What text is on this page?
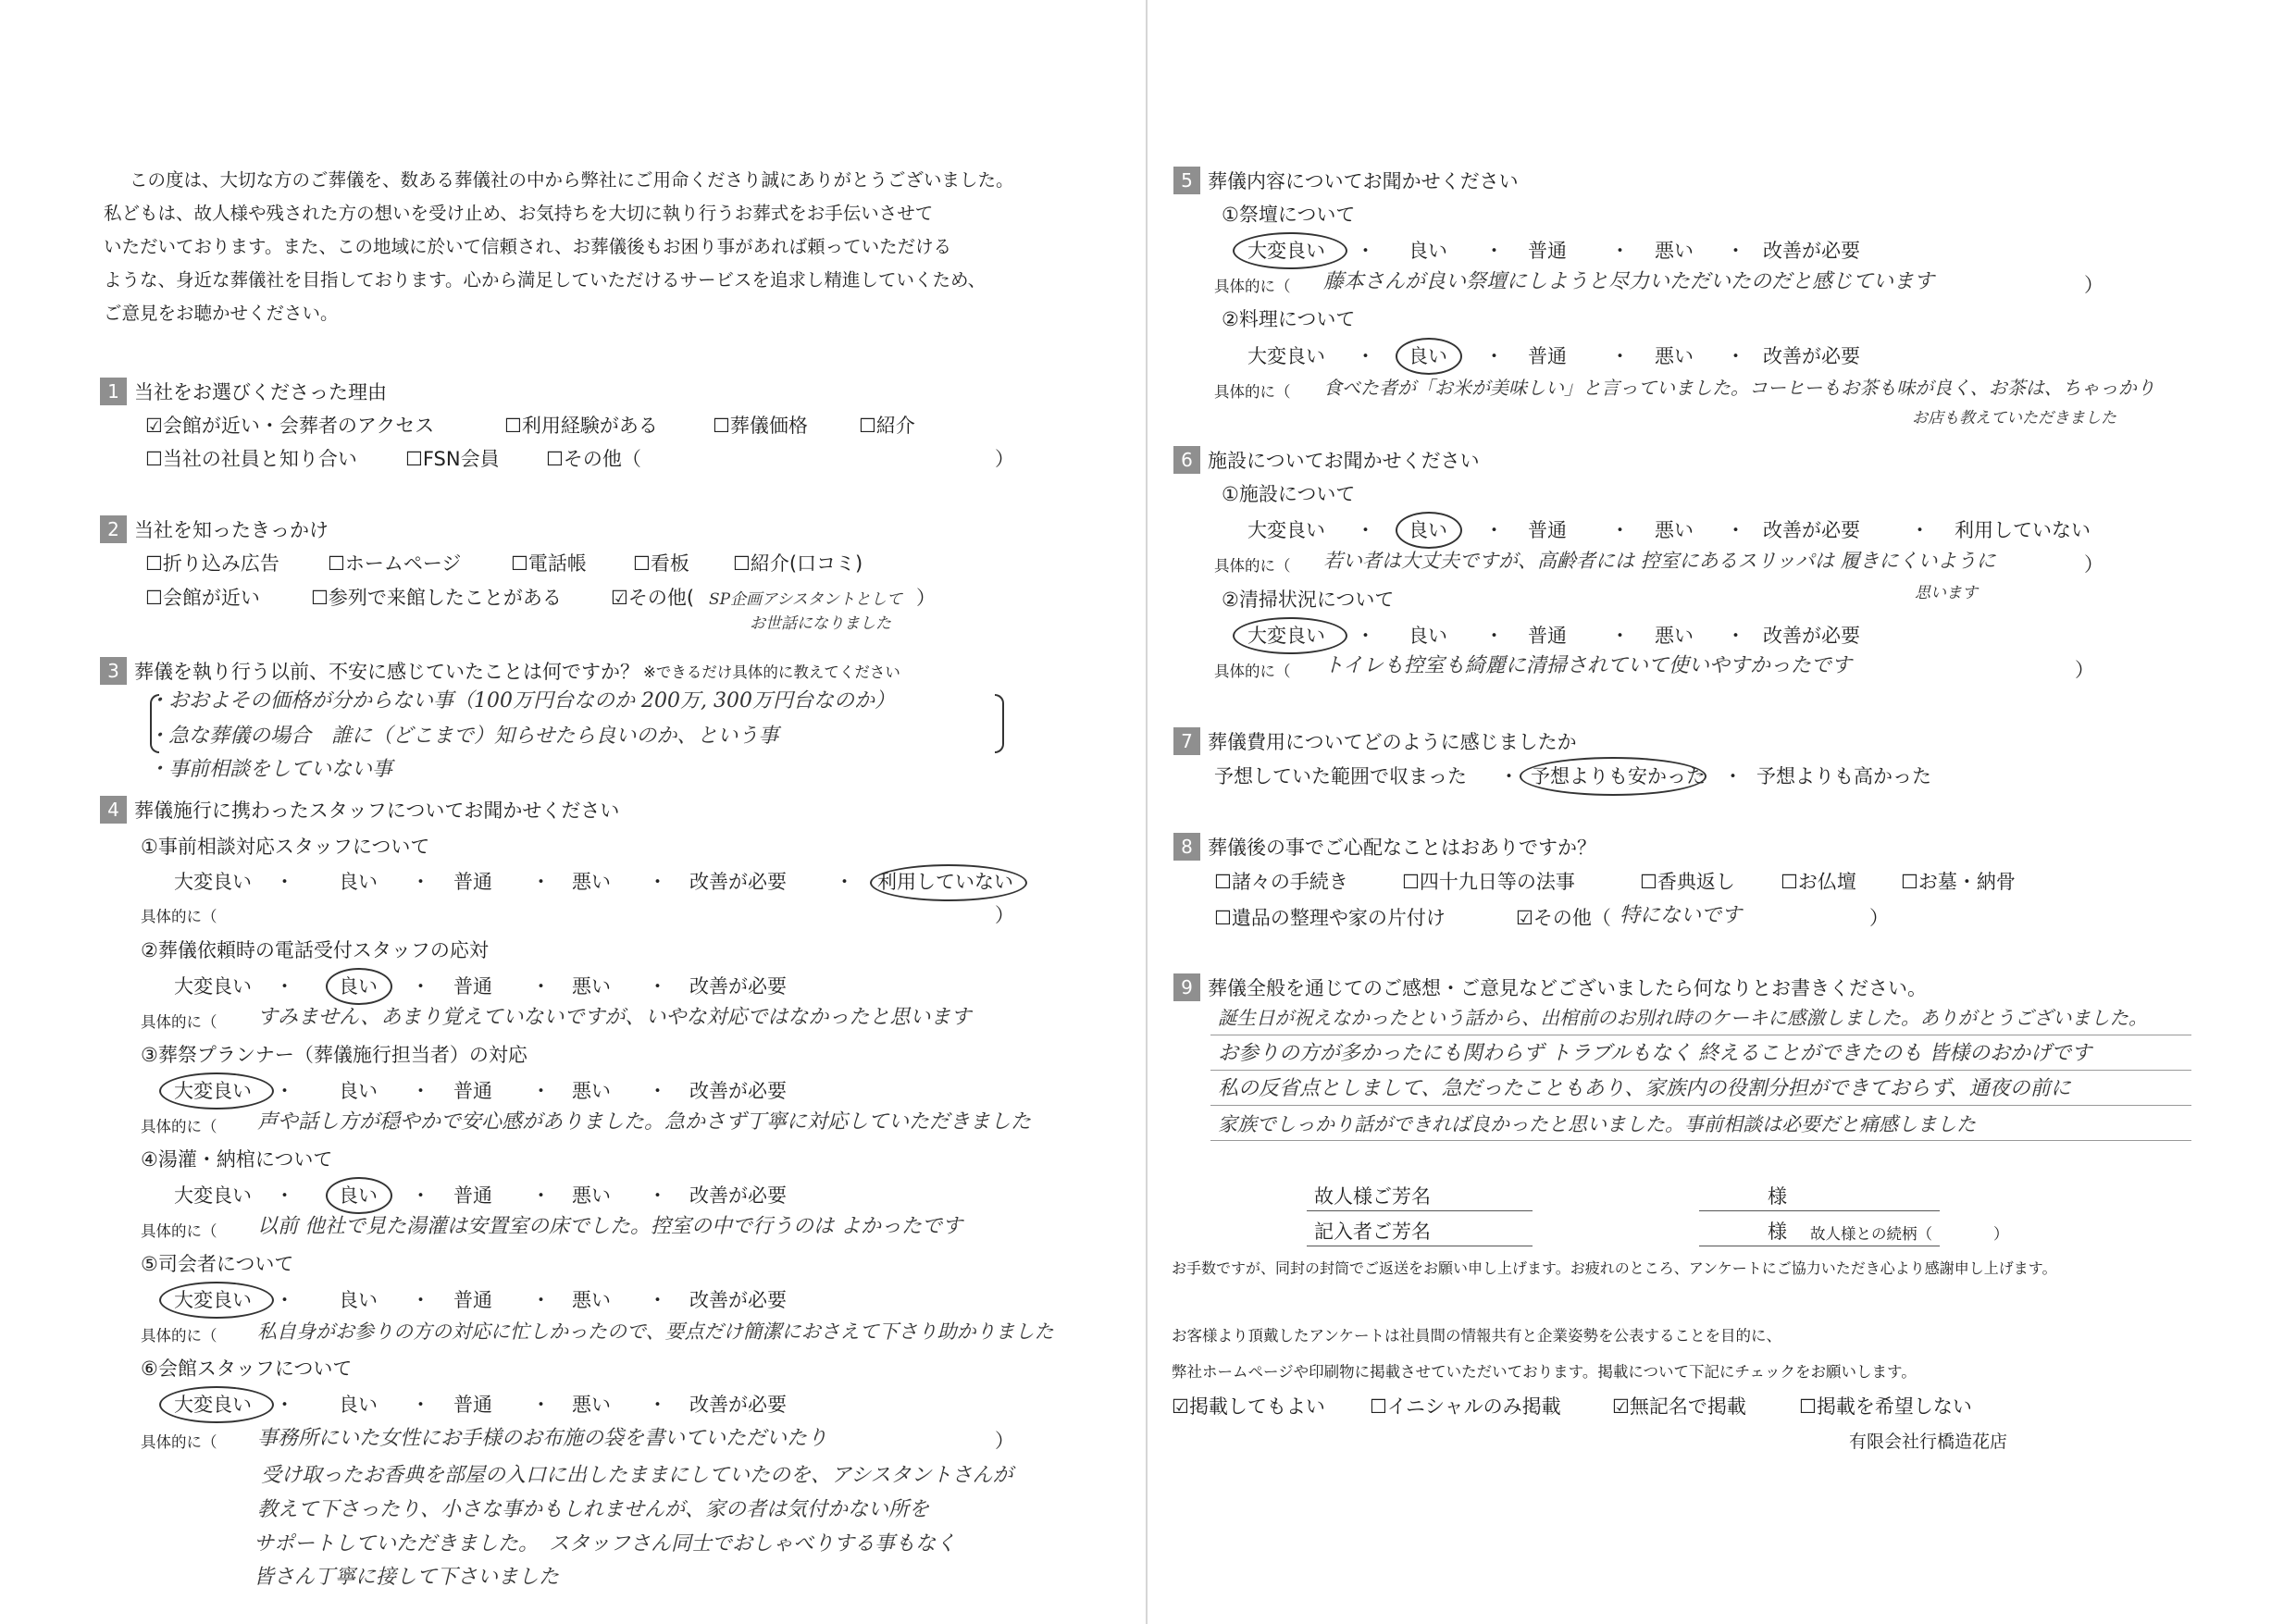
この度は、大切な方のご葬儀を、数ある葬儀社の中から弊社にご用命くださり誠にありがとうございました。
私どもは、故人様や残された方の想いを受け止め、お気持ちを大切に執り行うお葬式をお手伝いさせて
いただいております。また、この地域に於いて信頼され、お葬儀後もお困り事があれば頼っていただける
ような、身近な葬儀社を目指しております。心から満足していただけるサービスを追求し精進していくため、
ご意見をお聴かせください。
1 当社をお選びくださった理由
☑会館が近い・会葬者のアクセス	☐利用経験がある	☐葬儀価格	☐紹介
☐当社の社員と知り合い ☐FSN会員 ☐その他（	）
2 当社を知ったきっかけ
☐折り込み広告 ☐ホームページ	☐電話帳 ☐看板 ☐紹介(口コミ)
☐会館が近い	☐参列で来館したことがある	☑その他( SP企画アシスタントとして ）
お世話になりました
3 葬儀を執り行う以前、不安に感じていたことは何ですか？ ※できるだけ具体的に教えてください
・おおよその価格が分からない事（100万円台なのか 200万, 300万円台なのか）
・急な葬儀の場合　誰に（どこまで）知らせたら良いのか、という事
・事前相談をしていない事
4 葬儀施行に携わったスタッフについてお聞かせください
①事前相談対応スタッフについて
大変良い ・ 良い ・ 普通 ・ 悪い ・ 改善が必要 ・ 利用していない
具体的に（	）
②葬儀依頼時の電話受付スタッフの応対
大変良い ・ 良い ・ 普通 ・ 悪い ・ 改善が必要
具体的に（ すみません、あまり覚えていないですが、いやな対応ではなかったと思います
③葬祭プランナー（葬儀施行担当者）の対応
大変良い ・ 良い ・ 普通 ・ 悪い ・ 改善が必要
具体的に（ 声や話し方が穏やかで安心感がありました。急かさず丁寧に対応していただきました
④湯灌・納棺について
大変良い ・ 良い ・ 普通 ・ 悪い ・ 改善が必要
具体的に（ 以前 他社で見た湯灌は安置室の床でした。控室の中で行うのは よかったです
⑤司会者について
大変良い ・ 良い ・ 普通 ・ 悪い ・ 改善が必要
具体的に（ 私自身がお参りの方の対応に忙しかったので、要点だけ簡潔におさえて下さり助かりました
⑥会館スタッフについて
大変良い ・ 良い ・ 普通 ・ 悪い ・ 改善が必要
具体的に（ 事務所にいた女性にお手様のお布施の袋を書いていただいたり	）
受け取ったお香典を部屋の入口に出したままにしていたのを、アシスタントさんが
教えて下さったり、小さな事かもしれませんが、家の者は気付かない所を
サポートしていただきました。　スタッフさん同士でおしゃべりする事もなく
皆さん丁寧に接して下さいました
5 葬儀内容についてお聞かせください
①祭壇について
大変良い ・ 良い ・ 普通 ・ 悪い ・ 改善が必要
具体的に（ 藤本さんが良い祭壇にしようと尽力いただいたのだと感じています	）
②料理について
大変良い ・ 良い ・ 普通 ・ 悪い ・ 改善が必要
具体的に（ 食べた者が「お米が美味しい」と言っていました。コーヒーもお茶も味が良く、お茶は、ちゃっかり
お店も教えていただきました
6 施設についてお聞かせください
①施設について
大変良い ・ 良い ・ 普通 ・ 悪い ・ 改善が必要	・ 利用していない
具体的に（ 若い者は大丈夫ですが、高齢者には 控室にあるスリッパは 履きにくいように	）
思います
②清掃状況について
大変良い ・ 良い ・ 普通 ・ 悪い ・ 改善が必要
具体的に（ トイレも控室も綺麗に清掃されていて使いやすかったです	）
7 葬儀費用についてどのように感じましたか
予想していた範囲で収まった ・ 予想よりも安かった ・ 予想よりも高かった
8 葬儀後の事でご心配なことはおありですか？
☐諸々の手続き	☐四十九日等の法事	☐香典返し ☐お仏壇 ☐お墓・納骨
☐遺品の整理や家の片付け	☑その他（ 特にないです	）
9 葬儀全般を通じてのご感想・ご意見などございましたら何なりとお書きください。
誕生日が祝えなかったという話から、出棺前のお別れ時のケーキに感激しました。ありがとうございました。
お参りの方が多かったにも関わらず トラブルもなく 終えることができたのも 皆様のおかげです
私の反省点としまして、急だったこともあり、家族内の役割分担ができておらず、通夜の前に
家族でしっかり話ができれば良かったと思いました。事前相談は必要だと痛感しました
故人様ご芳名	様
記入者ご芳名	様 故人様との続柄（　　　　）
お手数ですが、同封の封筒でご返送をお願い申し上げます。お疲れのところ、アンケートにご協力いただき心より感謝申し上げます。
お客様より頂戴したアンケートは社員間の情報共有と企業姿勢を公表することを目的に、
弊社ホームページや印刷物に掲載させていただいております。掲載について下記にチェックをお願いします。
☑掲載してもよい ☐イニシャルのみ掲載	☑無記名で掲載	☐掲載を希望しない
有限会社行橋造花店
